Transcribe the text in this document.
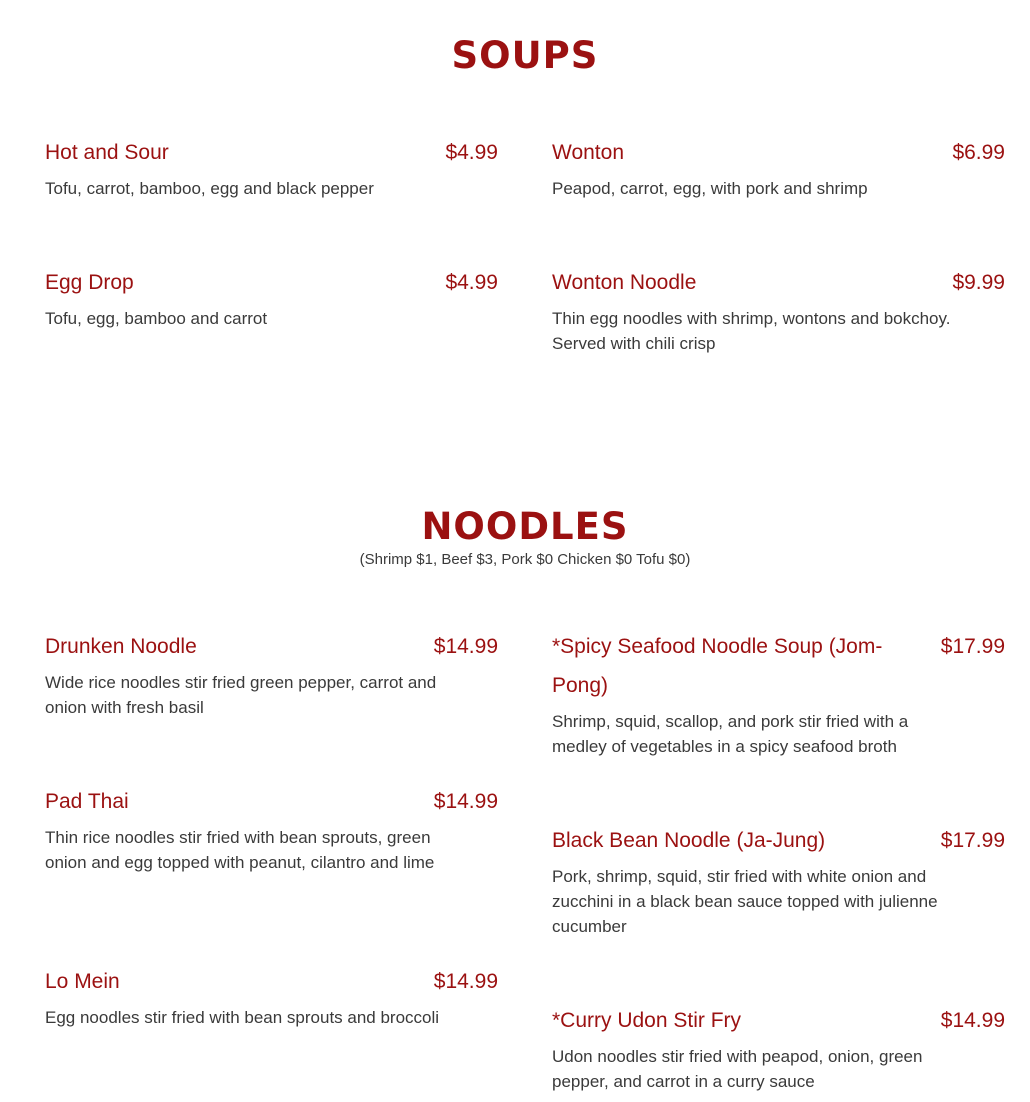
SOUPS
Hot and Sour	$4.99

Tofu, carrot, bamboo, egg and black pepper

Egg Drop	$4.99

Tofu, egg, bamboo and carrot

Wonton	$6.99

Peapod, carrot, egg, with pork and shrimp

Wonton Noodle	$9.99

Thin egg noodles with shrimp, wontons and bokchoy. Served with chili crisp

NOODLES

(Shrimp $1, Beef $3, Pork $0 Chicken $0 Tofu $0)

Drunken Noodle	$14.99

Wide rice noodles stir fried green pepper, carrot and onion with fresh basil

Pad Thai	$14.99

Thin rice noodles stir fried with bean sprouts, green onion and egg topped with peanut, cilantro and lime

Lo Mein	$14.99

Egg noodles stir fried with bean sprouts and broccoli

*Spicy Seafood Noodle Soup (Jom-Pong)
$17.99

Shrimp, squid, scallop, and pork stir fried with a medley of vegetables in a spicy seafood broth

Black Bean Noodle (Ja-Jung)	$17.99

Pork, shrimp, squid, stir fried with white onion and zucchini in a black bean sauce topped with julienne cucumber

*Curry Udon Stir Fry	$14.99

Udon noodles stir fried with peapod, onion, green pepper, and carrot in a curry sauce
